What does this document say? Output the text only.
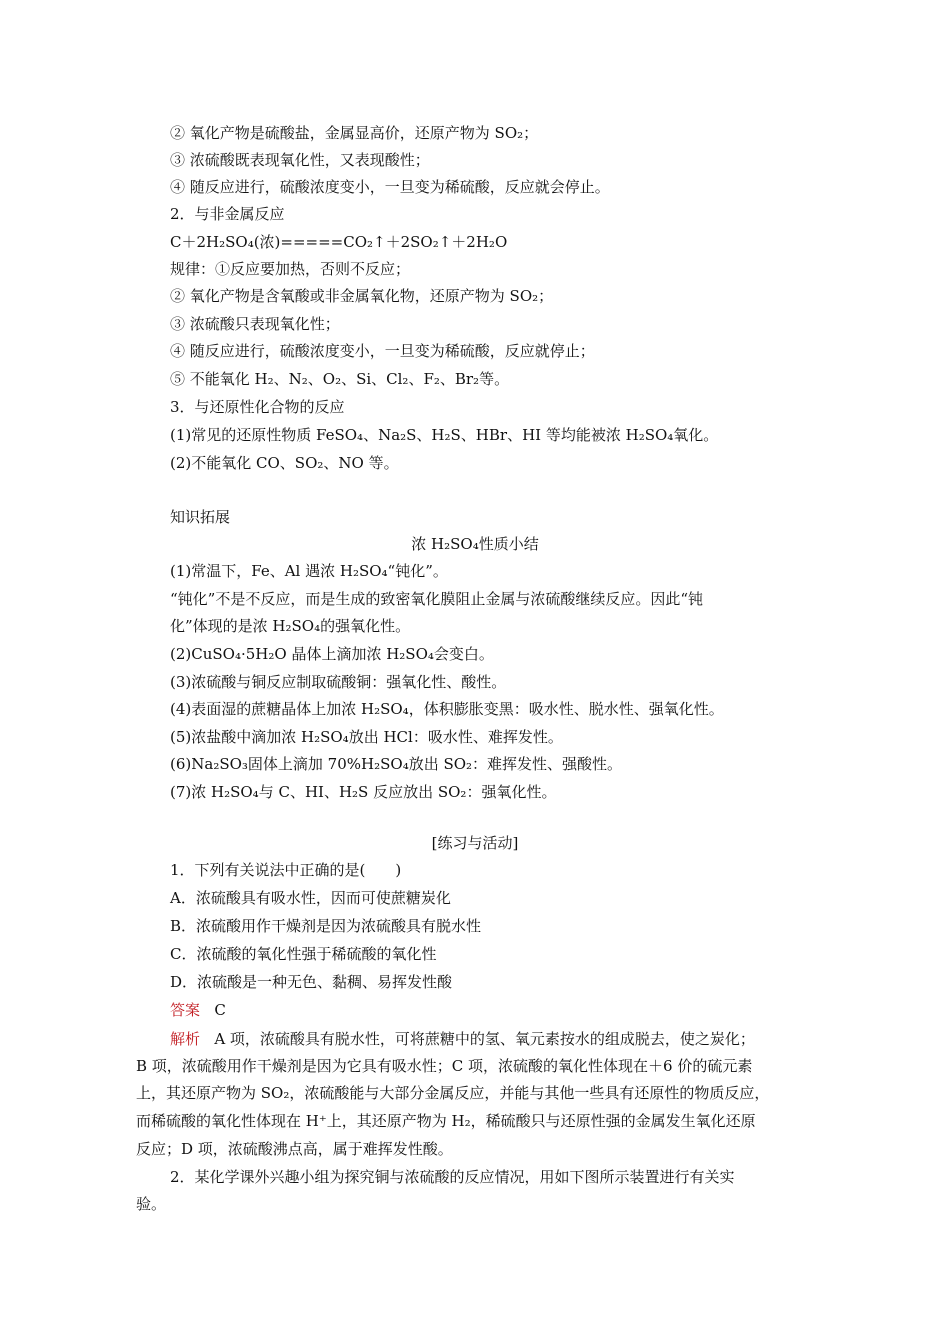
② 氧化产物是硫酸盐，金属显高价，还原产物为 SO₂；
③ 浓硫酸既表现氧化性，又表现酸性；
④ 随反应进行，硫酸浓度变小，一旦变为稀硫酸，反应就会停止。
2．与非金属反应
C＋2H₂SO₄(浓)=====CO₂↑＋2SO₂↑＋2H₂O
规律：①反应要加热，否则不反应；
② 氧化产物是含氧酸或非金属氧化物，还原产物为 SO₂；
③ 浓硫酸只表现氧化性；
④ 随反应进行，硫酸浓度变小，一旦变为稀硫酸，反应就停止；
⑤ 不能氧化 H₂、N₂、O₂、Si、Cl₂、F₂、Br₂等。
3．与还原性化合物的反应
(1)常见的还原性物质 FeSO₄、Na₂S、H₂S、HBr、HI 等均能被浓 H₂SO₄氧化。
(2)不能氧化 CO、SO₂、NO 等。
知识拓展
浓 H₂SO₄性质小结
(1)常温下，Fe、Al 遇浓 H₂SO₄“钝化”。
“钝化”不是不反应，而是生成的致密氧化膜阻止金属与浓硫酸继续反应。因此“钝
化”体现的是浓 H₂SO₄的强氧化性。
(2)CuSO₄·5H₂O 晶体上滴加浓 H₂SO₄会变白。
(3)浓硫酸与铜反应制取硫酸铜：强氧化性、酸性。
(4)表面湿的蔗糖晶体上加浓 H₂SO₄，体积膨胀变黑：吸水性、脱水性、强氧化性。
(5)浓盐酸中滴加浓 H₂SO₄放出 HCl：吸水性、难挥发性。
(6)Na₂SO₃固体上滴加 70%H₂SO₄放出 SO₂：难挥发性、强酸性。
(7)浓 H₂SO₄与 C、HI、H₂S 反应放出 SO₂：强氧化性。
[练习与活动]
1．下列有关说法中正确的是(　　)
A．浓硫酸具有吸水性，因而可使蔗糖炭化
B．浓硫酸用作干燥剂是因为浓硫酸具有脱水性
C．浓硫酸的氧化性强于稀硫酸的氧化性
D．浓硫酸是一种无色、黏稠、易挥发性酸
答案 C
解析 A 项，浓硫酸具有脱水性，可将蔗糖中的氢、氧元素按水的组成脱去，使之炭化；
B 项，浓硫酸用作干燥剂是因为它具有吸水性；C 项，浓硫酸的氧化性体现在＋6 价的硫元素
上，其还原产物为 SO₂，浓硫酸能与大部分金属反应，并能与其他一些具有还原性的物质反应，
而稀硫酸的氧化性体现在 H⁺上，其还原产物为 H₂，稀硫酸只与还原性强的金属发生氧化还原
反应；D 项，浓硫酸沸点高，属于难挥发性酸。
2．某化学课外兴趣小组为探究铜与浓硫酸的反应情况，用如下图所示装置进行有关实
验。
